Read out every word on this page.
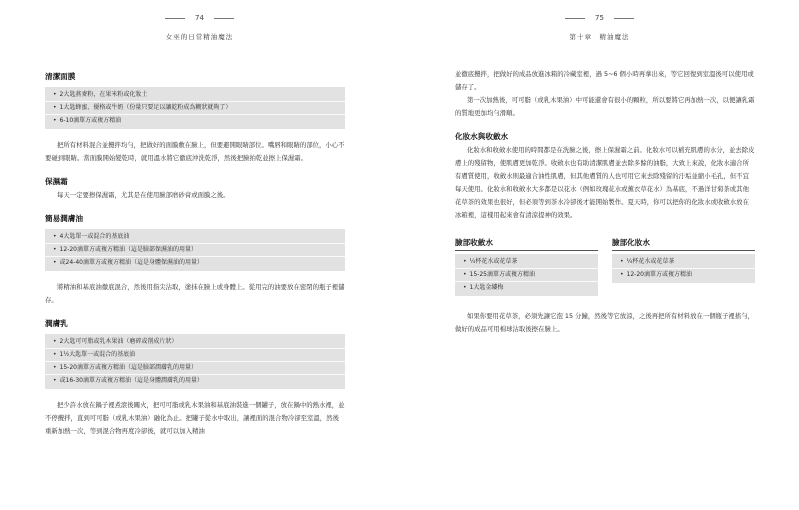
74
女巫的日常精油魔法
清潔面膜
• 2大匙燕麥粉，在果米粉或化妝土
• 1大匙蜂蜜、優格或牛奶（份量只要足以讓乾粉成為糊狀就夠了）
• 6-10滴單方或複方精油

把所有材料混合並攪拌均勻，把做好的面膜敷在臉上，但要避開眼睛部位。嘴唇和眼睛的部位，小心不要碰到眼睛。當面膜開始變乾時，就用溫水將它徹底沖洗乾淨，然後把臉拍乾並擦上保濕霜。

保濕霜

每天一定要擦保濕霜，尤其是在使用臉部磨砂膏或面膜之後。

簡易潤膚油
• 4大匙單一或混合的基底油
• 12-20滴單方或複方精油（這是臉部保濕油的用量）
• 或24-40滴單方或複方精油（這是身體保濕油的用量）

將精油和基底油徹底混合，然後用指尖沾取，塗抹在臉上或身體上。從用完的油要放在密閉的瓶子裡儲存。

潤膚乳
• 2大匙可可脂或乳木果油（磨碎或削成片狀）
• 1½大匙單一或混合的基底油
• 15-20滴單方或複方精油（這是臉部潤膚乳的用量）
• 或16-30滴單方或複方精油（這是身體潤膚乳的用量）

把少許水放在鍋子裡煮滾後關火，把可可脂或乳木果油和基底油裝進一個罐子，放在鍋中的熱水裡，並不停攪拌，直到可可脂（或乳木果油）融化為止。把罐子從水中取出，讓裡面的混合物冷卻至室溫，然後重新加熱一次，等到混合物再度冷卻後，就可以加入精油

75
第十章　精油魔法

並徹底攪拌，把做好的成品放進冰箱的冷藏室裡，過 5~6 個小時再拿出來，等它回復到室溫後可以使用或儲存了。

第一次加熱後，可可脂（或乳木果油）中可能還會有很小的顆粒，所以要將它再加熱一次，以便讓乳霜的質地更加均勻滑順。

化妝水與收斂水

化妝水和收斂水使用的時間都是在洗臉之後，擦上保濕霜之前。化妝水可以補充肌膚的水分，並去除皮膚上的殘留物，使肌膚更加乾淨。收斂水也有助清潔肌膚並去除多餘的油脂，大致上來說，化妝水適合所有膚質使用，收斂水則最適合油性肌膚，但其他膚質的人也可用它來去除殘留的汙垢並縮小毛孔，但不宜每天使用。化妝水和收斂水大多都是以花水（例如玫瑰花水或薰衣草花水）為基底，不過洋甘菊茶或其他花草茶的效果也很好，但必須等到茶水冷卻後才能開始製作。夏天時，你可以把你的化妝水或收斂水放在冰箱裡，這樣用起來會有清涼提神的效果。

臉部收斂水
• ¼杯花水或花草茶
• 15-25滴單方或複方精油
• 1大匙金縷梅
臉部化妝水
• ¼杯花水或花草茶
• 12-20滴單方或複方精油

如果你要用花草茶，必須先讓它泡 15 分鐘，然後等它放涼，之後再把所有材料放在一個瓶子裡搖勻，做好的成品可用棉球沾取後擦在臉上。
